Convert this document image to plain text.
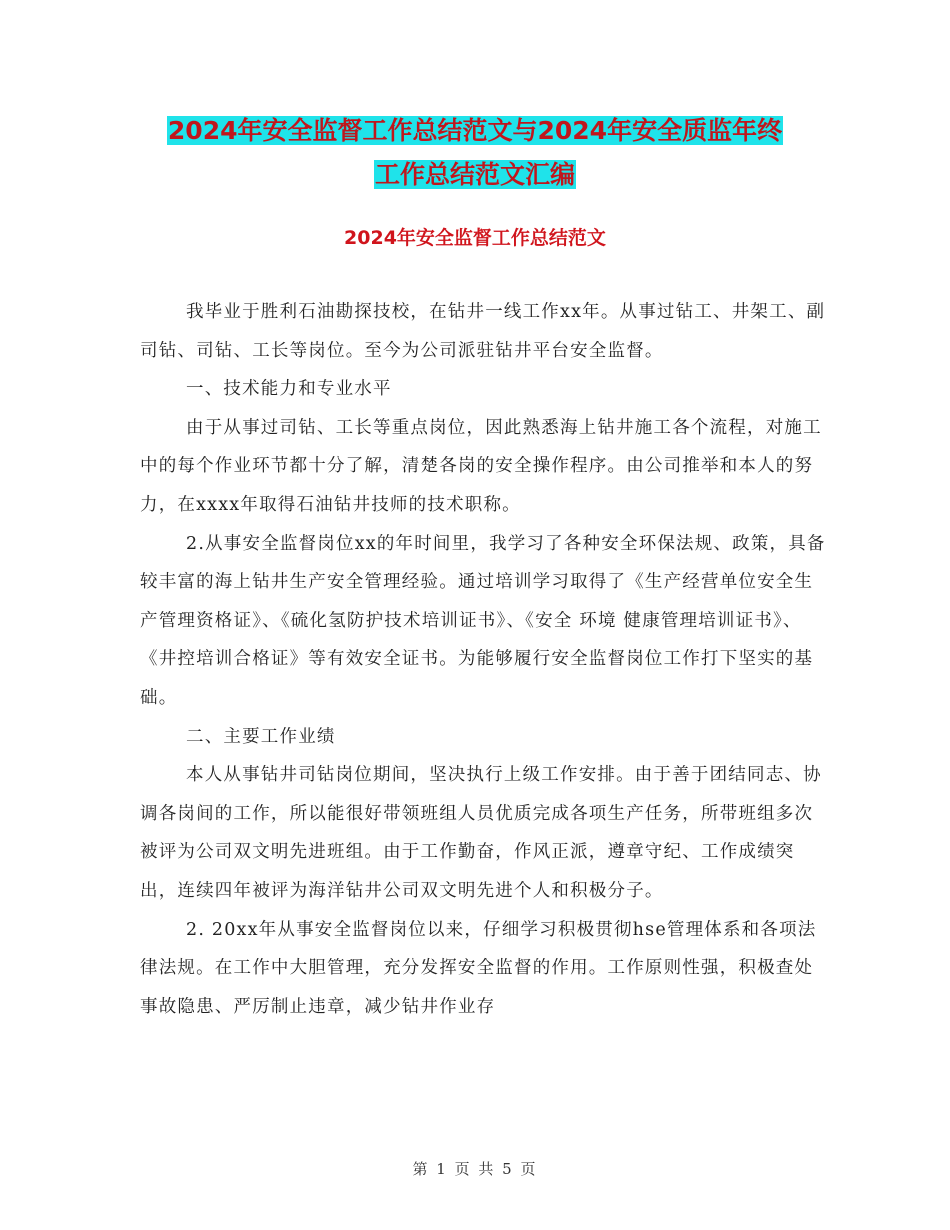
2024年安全监督工作总结范文与2024年安全质监年终
工作总结范文汇编
2024年安全监督工作总结范文

我毕业于胜利石油勘探技校，在钻井一线工作xx年。从事过钻工、井架工、副司钻、司钻、工长等岗位。至今为公司派驻钻井平台安全监督。

一、技术能力和专业水平

由于从事过司钻、工长等重点岗位，因此熟悉海上钻井施工各个流程，对施工中的每个作业环节都十分了解，清楚各岗的安全操作程序。由公司推举和本人的努力，在xxxx年取得石油钻井技师的技术职称。

2.从事安全监督岗位xx的年时间里，我学习了各种安全环保法规、政策，具备较丰富的海上钻井生产安全管理经验。通过培训学习取得了《生产经营单位安全生产管理资格证》、《硫化氢防护技术培训证书》、《安全 环境 健康管理培训证书》、《井控培训合格证》等有效安全证书。为能够履行安全监督岗位工作打下坚实的基础。

二、主要工作业绩

本人从事钻井司钻岗位期间，坚决执行上级工作安排。由于善于团结同志、协调各岗间的工作，所以能很好带领班组人员优质完成各项生产任务，所带班组多次被评为公司双文明先进班组。由于工作勤奋，作风正派，遵章守纪、工作成绩突出，连续四年被评为海洋钻井公司双文明先进个人和积极分子。

2. 20xx年从事安全监督岗位以来，仔细学习积极贯彻hse管理体系和各项法律法规。在工作中大胆管理，充分发挥安全监督的作用。工作原则性强，积极查处事故隐患、严厉制止违章，减少钻井作业存

第 1 页 共 5 页
